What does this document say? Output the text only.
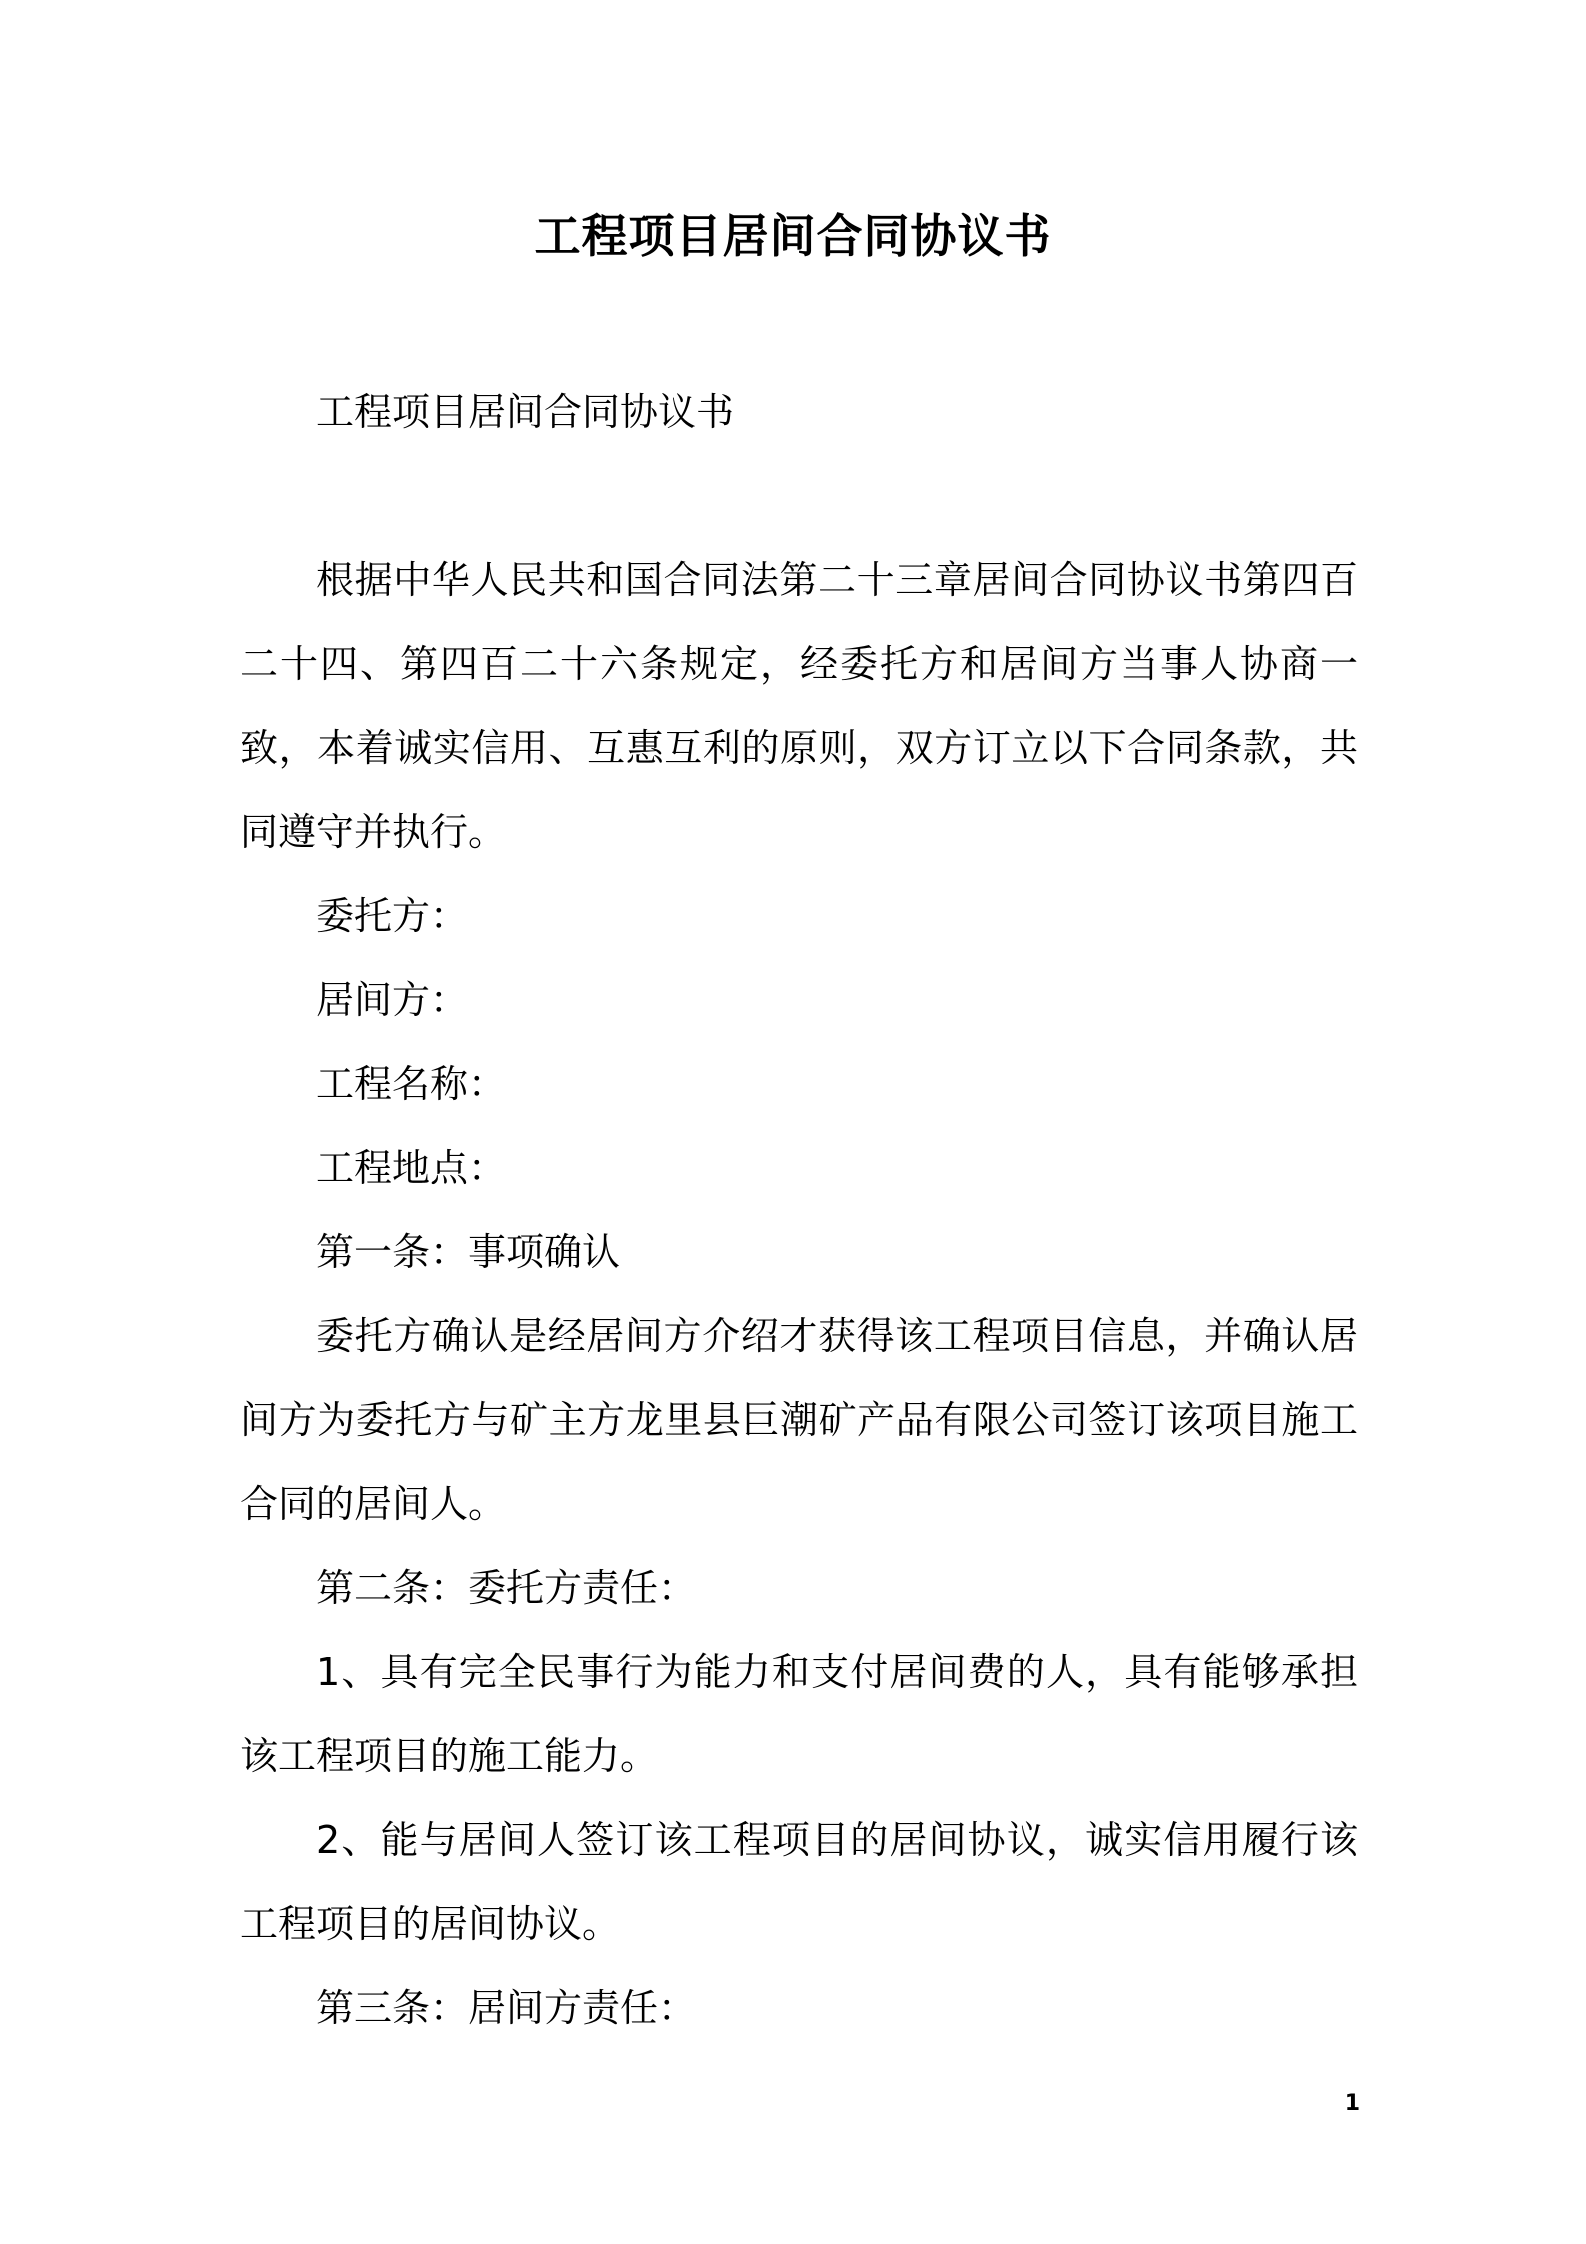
工程项目居间合同协议书

工程项目居间合同协议书

根据中华人民共和国合同法第二十三章居间合同协议书第四百二十四、第四百二十六条规定，经委托方和居间方当事人协商一致，本着诚实信用、互惠互利的原则，双方订立以下合同条款，共同遵守并执行。

委托方：

居间方：

工程名称：

工程地点：

第一条：事项确认

委托方确认是经居间方介绍才获得该工程项目信息，并确认居间方为委托方与矿主方龙里县巨潮矿产品有限公司签订该项目施工合同的居间人。

第二条：委托方责任：

1、具有完全民事行为能力和支付居间费的人，具有能够承担该工程项目的施工能力。

2、能与居间人签订该工程项目的居间协议，诚实信用履行该工程项目的居间协议。

第三条：居间方责任：

1
